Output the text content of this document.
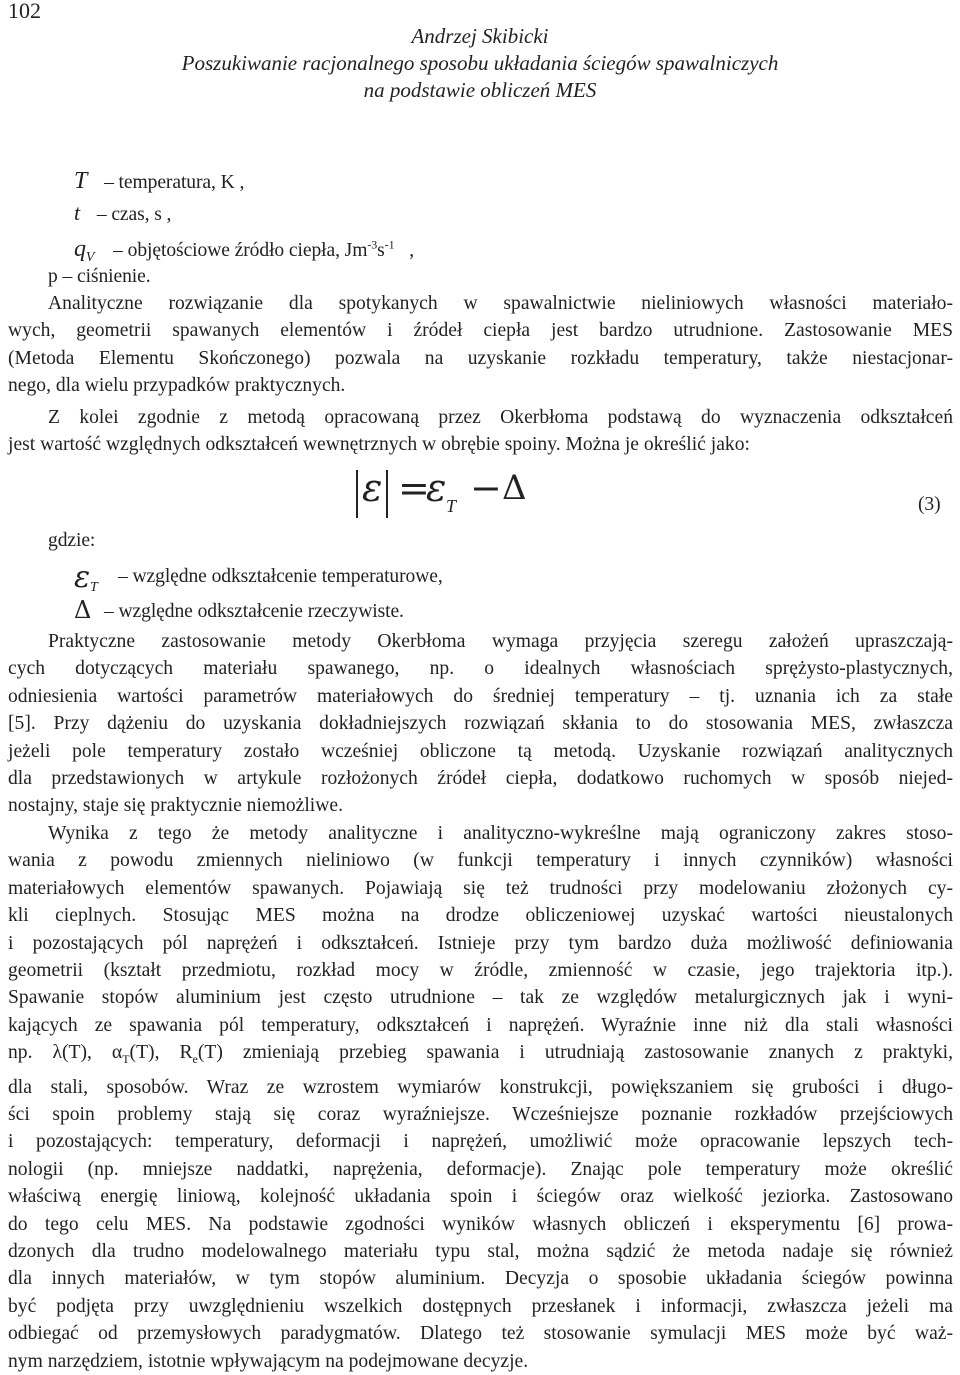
102
Andrzej Skibicki
Poszukiwanie racjonalnego sposobu układania ściegów spawalniczych
na podstawie obliczeń MES
T – temperatura, K ,
t – czas, s ,
$q_V$ – objętościowe źródło ciepła, $Jm^{-3}s^{-1}$ ,
p – ciśnienie.
Analityczne rozwiązanie dla spotykanych w spawalnictwie nieliniowych własności materiało-
wych, geometrii spawanych elementów i źródeł ciepła jest bardzo utrudnione. Zastosowanie MES
(Metoda Elementu Skończonego) pozwala na uzyskanie rozkładu temperatury, także niestacjonar-
nego, dla wielu przypadków praktycznych.
Z kolei zgodnie z metodą opracowaną przez Okerbłoma podstawą do wyznaczenia odkształceń
jest wartość względnych odkształceń wewnętrznych w obrębie spoiny. Można je określić jako:
ε =
ε T − Δ	(3)
gdzie:
ε T
– względne odkształcenie temperaturowe,
Δ – względne odkształcenie rzeczywiste.
Praktyczne zastosowanie metody Okerbłoma wymaga przyjęcia szeregu założeń upraszczają-
cych dotyczących materiału spawanego, np. o idealnych własnościach sprężysto-plastycznych,
odniesienia wartości parametrów materiałowych do średniej temperatury – tj. uznania ich za stałe
[5]. Przy dążeniu do uzyskania dokładniejszych rozwiązań skłania to do stosowania MES, zwłaszcza
jeżeli pole temperatury zostało wcześniej obliczone tą metodą. Uzyskanie rozwiązań analitycznych
dla przedstawionych w artykule rozłożonych źródeł ciepła, dodatkowo ruchomych w sposób niejed-
nostajny, staje się praktycznie niemożliwe.
Wynika z tego że metody analityczne i analityczno-wykreślne mają ograniczony zakres stoso-
wania z powodu zmiennych nieliniowo (w funkcji temperatury i innych czynników) własności
materiałowych elementów spawanych. Pojawiają się też trudności przy modelowaniu złożonych cy-
kli cieplnych. Stosując MES można na drodze obliczeniowej uzyskać wartości nieustalonych
i pozostających pól naprężeń i odkształceń. Istnieje przy tym bardzo duża możliwość definiowania
geometrii (kształt przedmiotu, rozkład mocy w źródle, zmienność w czasie, jego trajektoria itp.).
Spawanie stopów aluminium jest często utrudnione – tak ze względów metalurgicznych jak i wyni-
kających ze spawania pól temperatury, odkształceń i naprężeń. Wyraźnie inne niż dla stali własności
np. λ(T), $\alpha_T(T)$, $R_e(T)$ zmieniają przebieg spawania i utrudniają zastosowanie znanych z praktyki,
dla stali, sposobów. Wraz ze wzrostem wymiarów konstrukcji, powiększaniem się grubości i długo-
ści spoin problemy stają się coraz wyraźniejsze. Wcześniejsze poznanie rozkładów przejściowych
i pozostających: temperatury, deformacji i naprężeń, umożliwić może opracowanie lepszych tech-
nologii (np. mniejsze naddatki, naprężenia, deformacje). Znając pole temperatury może określić
właściwą energię liniową, kolejność układania spoin i ściegów oraz wielkość jeziorka. Zastosowano
do tego celu MES. Na podstawie zgodności wyników własnych obliczeń i eksperymentu [6] prowa-
dzonych dla trudno modelowalnego materiału typu stal, można sądzić że metoda nadaje się również
dla innych materiałów, w tym stopów aluminium. Decyzja o sposobie układania ściegów powinna
być podjęta przy uwzględnieniu wszelkich dostępnych przesłanek i informacji, zwłaszcza jeżeli ma
odbiegać od przemysłowych paradygmatów. Dlatego też stosowanie symulacji MES może być waż-
nym narzędziem, istotnie wpływającym na podejmowane decyzje.
